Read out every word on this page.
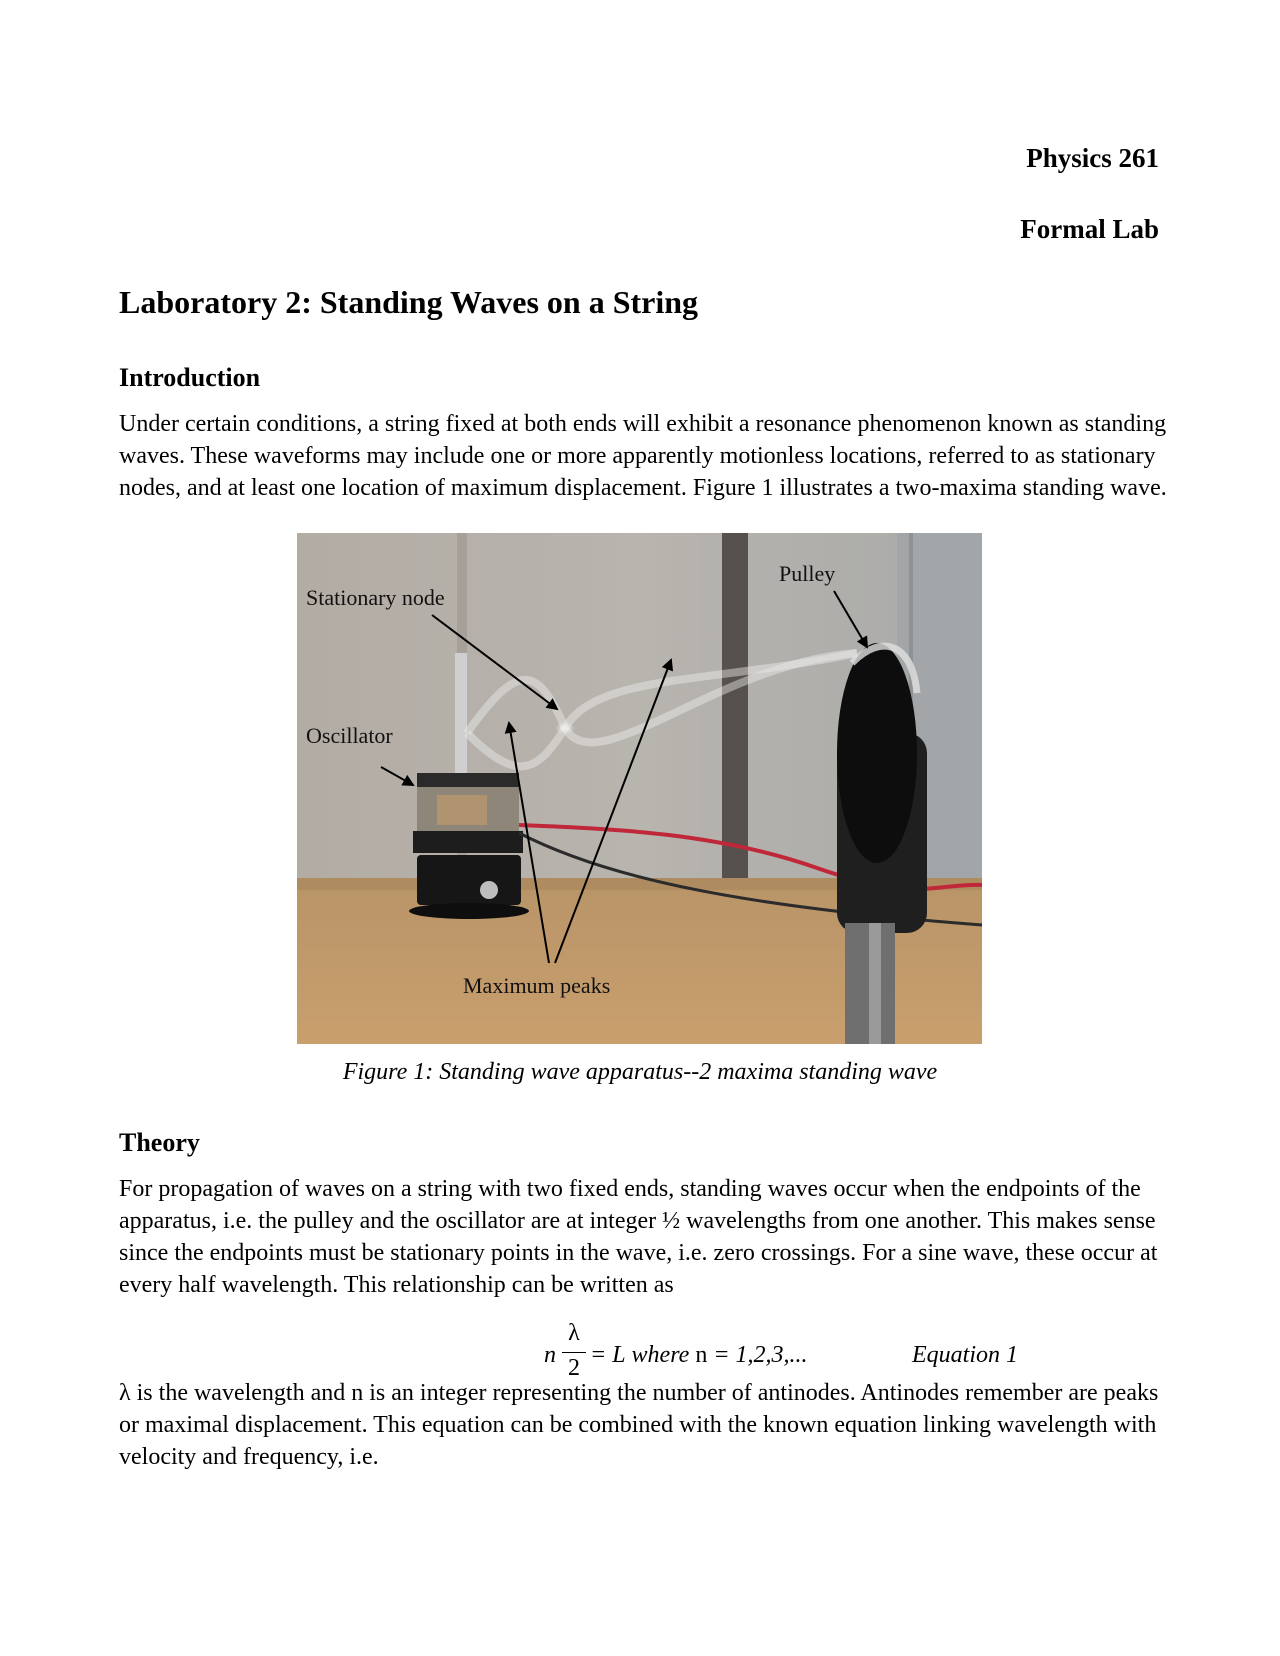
Physics 261
Formal Lab
Laboratory 2: Standing Waves on a String
Introduction

Under certain conditions, a string fixed at both ends will exhibit a resonance phenomenon known as standing waves. These waveforms may include one or more apparently motionless locations, referred to as stationary nodes, and at least one location of maximum displacement. Figure 1 illustrates a two-maxima standing wave.

Stationary node
Pulley
Oscillator
Maximum peaks
Figure 1: Standing wave apparatus--2 maxima standing wave
Theory

For propagation of waves on a string with two fixed ends, standing waves occur when the endpoints of the apparatus, i.e. the pulley and the oscillator are at integer ½ wavelengths from one another. This makes sense since the endpoints must be stationary points in the wave, i.e. zero crossings. For a sine wave, these occur at every half wavelength. This relationship can be written as

n
λ
2 = L where n = 1,2,3,...	Equation 1

λ is the wavelength and n is an integer representing the number of antinodes. Antinodes remember are peaks or maximal displacement. This equation can be combined with the known equation linking wavelength with velocity and frequency, i.e.
